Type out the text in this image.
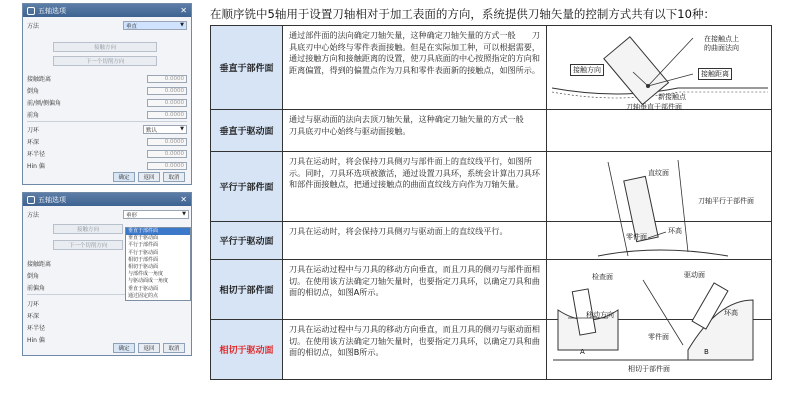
五轴选项	✕
方法	垂直	▼
接触方向
下一个切削方向
接触距离	0.0000
倒角	0.0000
前/倾/侧偏角	0.0000
前角	0.0000
刀环	默认	▼
环深	0.0000
环半径	0.0000
Hin 偏	0.0000
确定	返回	取消
五轴选项	✕
方法	垂形	▼
接触方向
下一个切削方向
接触距离
倒角
前偏角
刀环
环深
环半径
Hin 偏
垂直于部件面
垂直于驱动面
平行于部件面
平行于驱动面
相切于部件面
相切于驱动面
与部件成一角度
与驱动面成一角度
垂直于驱动面
通过固定的点
确定	返回	取消
在顺序铣中5轴用于设置刀轴相对于加工表面的方向，系统提供刀轴矢量的控制方式共有以下10种：
垂直于部件面
通过部件面的法向确定刀轴矢量，这种确定刀轴矢量的方式一般　　刀具底刃中心始终与零件表面接触。但是在实际加工种，可以根据需要，通过接触方向和接触距离的设置，使刀具底面的中心按照指定的方向和距离偏置，得到的偏置点作为刀具和零件表面新的接触点，如图所示。
在接触点上
的曲面法向
接触方向	接触距离
新接触点
刀轴垂直于部件面
垂直于驱动面
通过与驱动面的法向去顶刀轴矢量，这种确定刀轴矢量的方式一般　　刀具底刃中心始终与驱动面接触。
平行于部件面
刀具在运动时，将会保持刀具侧刃与部件面上的直纹线平行，如图所示。同时，刀具环选项被激活，通过设置刀具环，系统会计算出刀具环和部件面接触点，把通过接触点的曲面直纹线方向作为刀轴矢量。
直纹面
刀轴平行于部件面
环高
平行于驱动面
刀具在运动时，将会保持刀具侧刃与驱动面上的直纹线平行。
零件面
相切于部件面
刀具在运动过程中与刀具的移动方向垂直，而且刀具的侧刃与部件面相切。在使用该方法确定刀轴矢量时，也要指定刀具环，以确定刀具和曲面的相切点，如图A所示。
检查面	驱动面
移动方向	环高
相切于驱动面
刀具在运动过程中与刀具的移动方向垂直，而且刀具的侧刃与驱动面相切。在使用该方法确定刀轴矢量时，也要指定刀具环，以确定刀具和曲面的相切点，如图B所示。
零件面
A	B
相切于部件面
